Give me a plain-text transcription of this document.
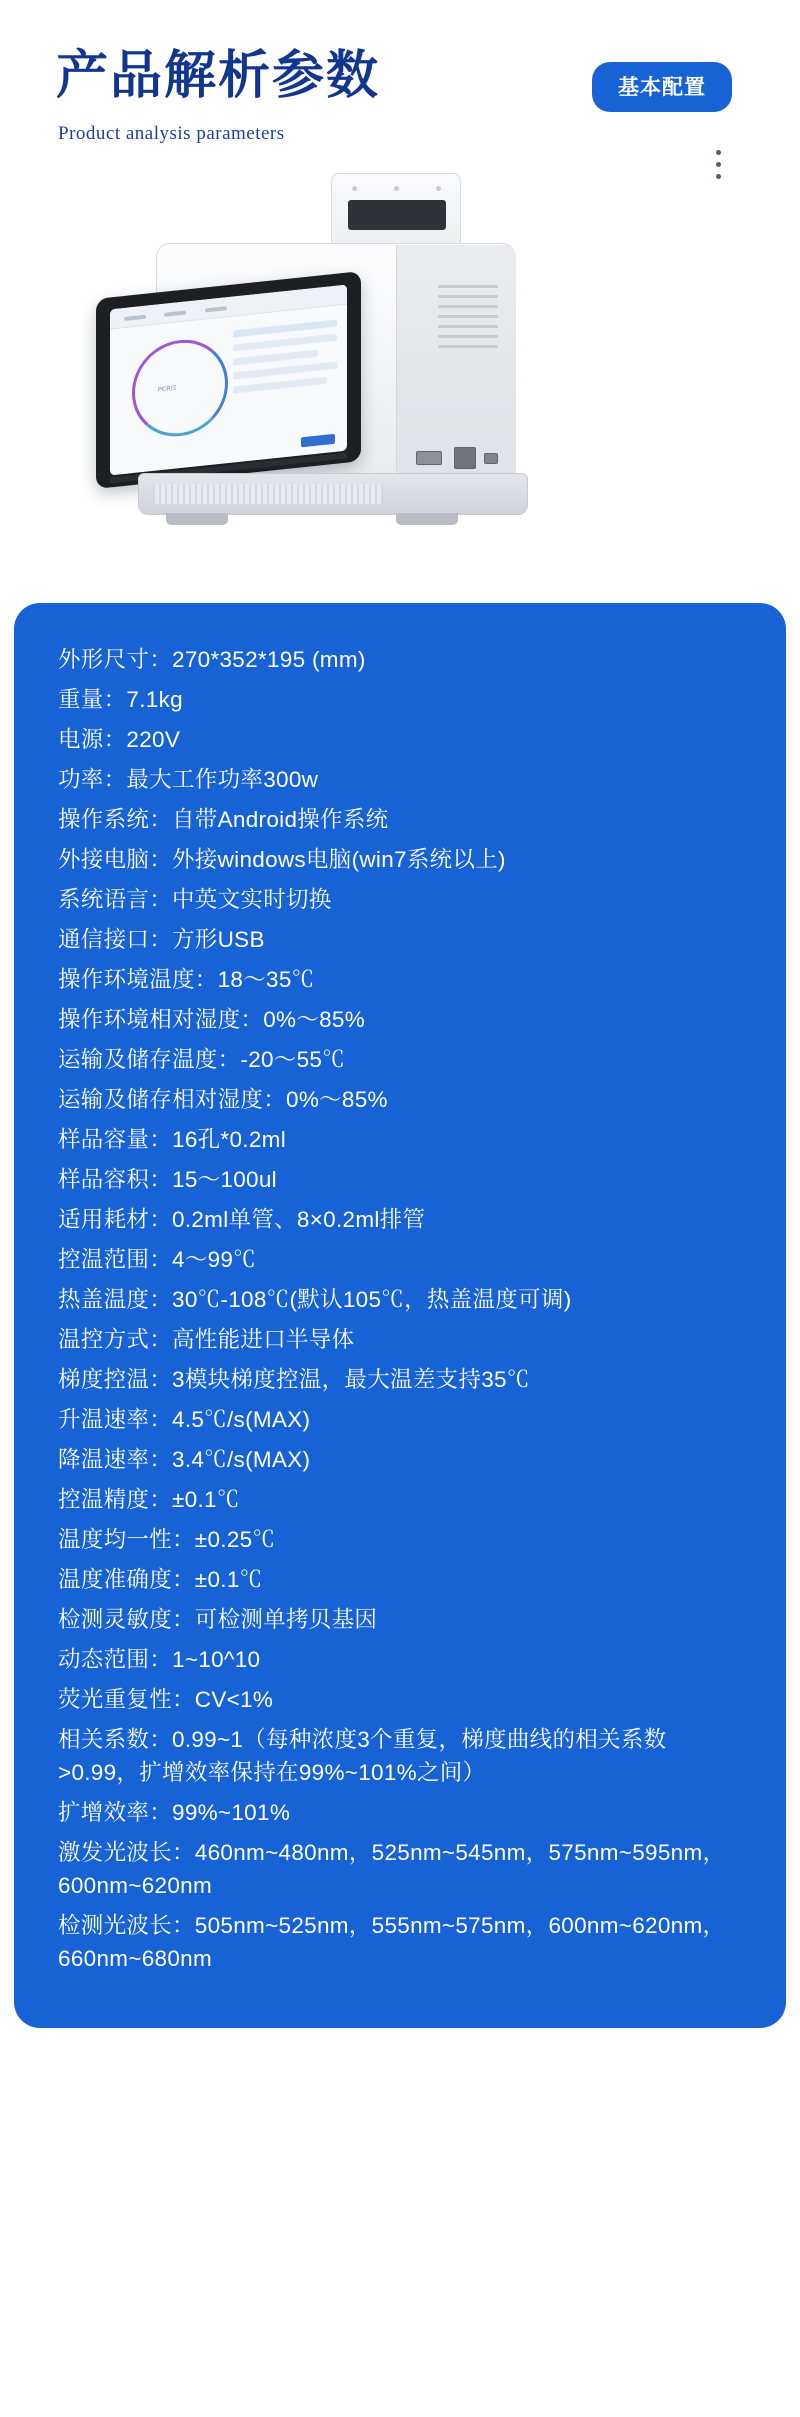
产品解析参数
Product analysis parameters
基本配置

PCR仪
外形尺寸：270*352*195 (mm)
重量：7.1kg
电源：220V
功率：最大工作功率300w
操作系统：自带Android操作系统
外接电脑：外接windows电脑(win7系统以上)
系统语言：中英文实时切换
通信接口：方形USB
操作环境温度：18～35℃
操作环境相对湿度：0%～85%
运输及储存温度：-20～55℃
运输及储存相对湿度：0%～85%
样品容量：16孔*0.2ml
样品容积：15～100ul
适用耗材：0.2ml单管、8×0.2ml排管
控温范围：4～99℃
热盖温度：30℃-108℃(默认105℃，热盖温度可调)
温控方式：高性能进口半导体
梯度控温：3模块梯度控温，最大温差支持35℃
升温速率：4.5℃/s(MAX)
降温速率：3.4℃/s(MAX)
控温精度：±0.1℃
温度均一性：±0.25℃
温度准确度：±0.1℃
检测灵敏度：可检测单拷贝基因
动态范围：1~10^10
荧光重复性：CV<1%
相关系数：0.99~1（每种浓度3个重复，梯度曲线的相关系数>0.99，扩增效率保持在99%~101%之间）
扩增效率：99%~101%
激发光波长：460nm~480nm，525nm~545nm，575nm~595nm，600nm~620nm
检测光波长：505nm~525nm，555nm~575nm，600nm~620nm，660nm~680nm
